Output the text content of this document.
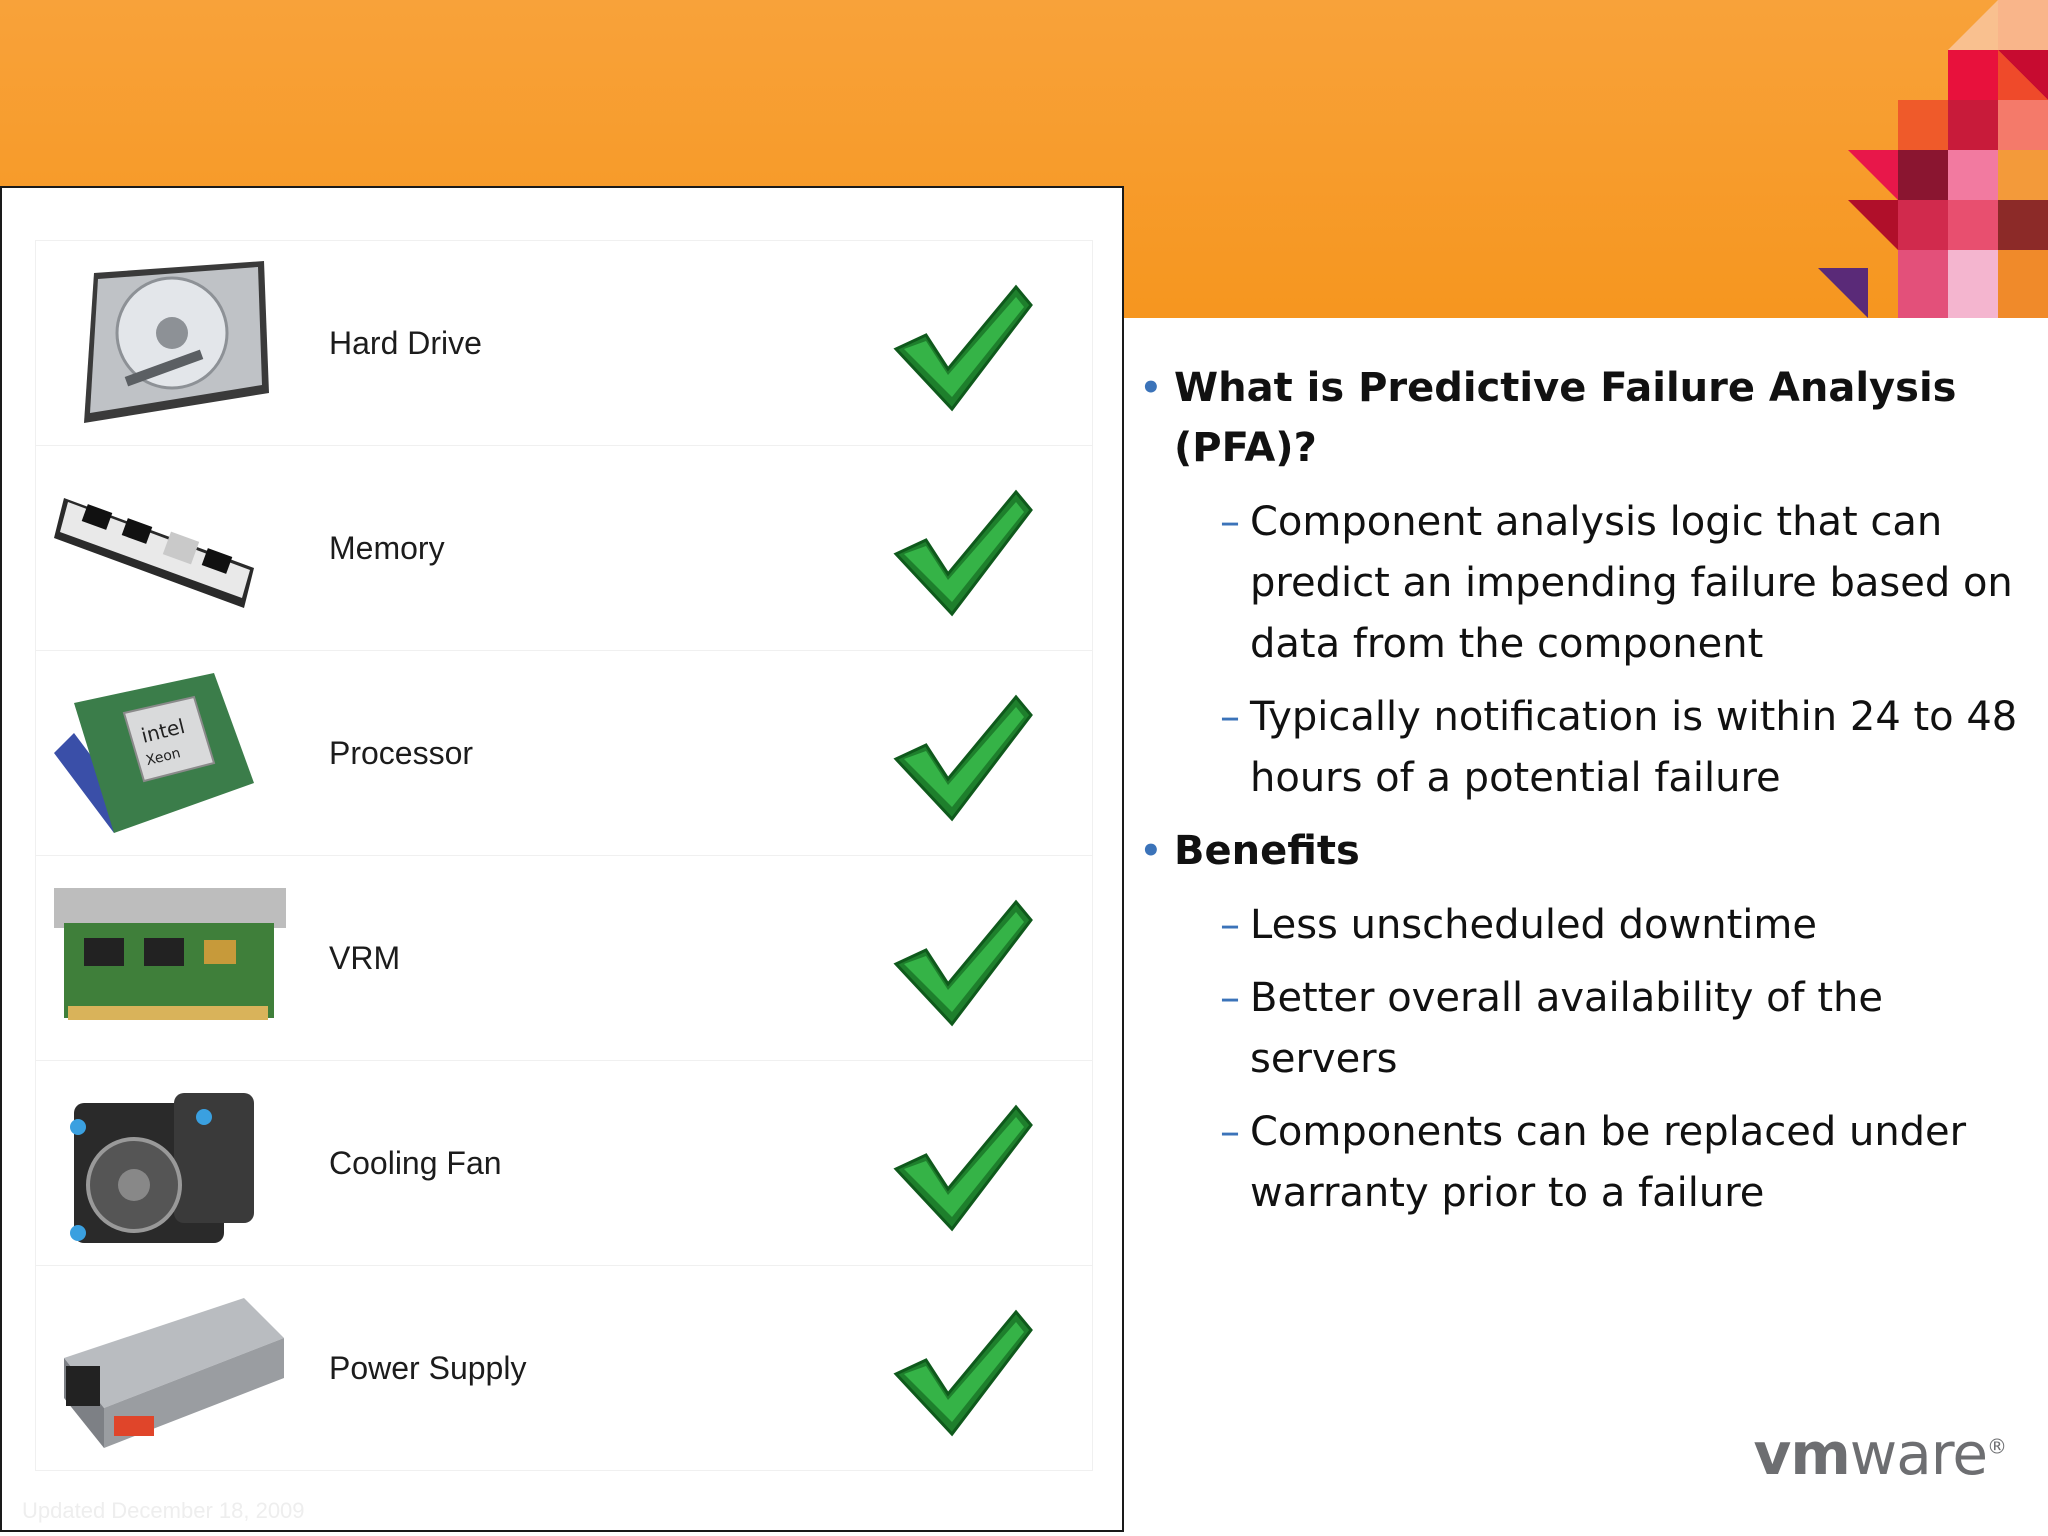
Hard Drive
Memory
intel
Xeon	Processor
VRM
Cooling Fan
Power Supply
Updated December 18, 2009
• What is Predictive Failure Analysis
(PFA)?
– Component analysis logic that can predict an impending failure based on data from the component
– Typically notification is within 24 to 48 hours of a potential failure
• Benefits
– Less unscheduled downtime
– Better overall availability of the servers
– Components can be replaced under warranty prior to a failure
vmware®
